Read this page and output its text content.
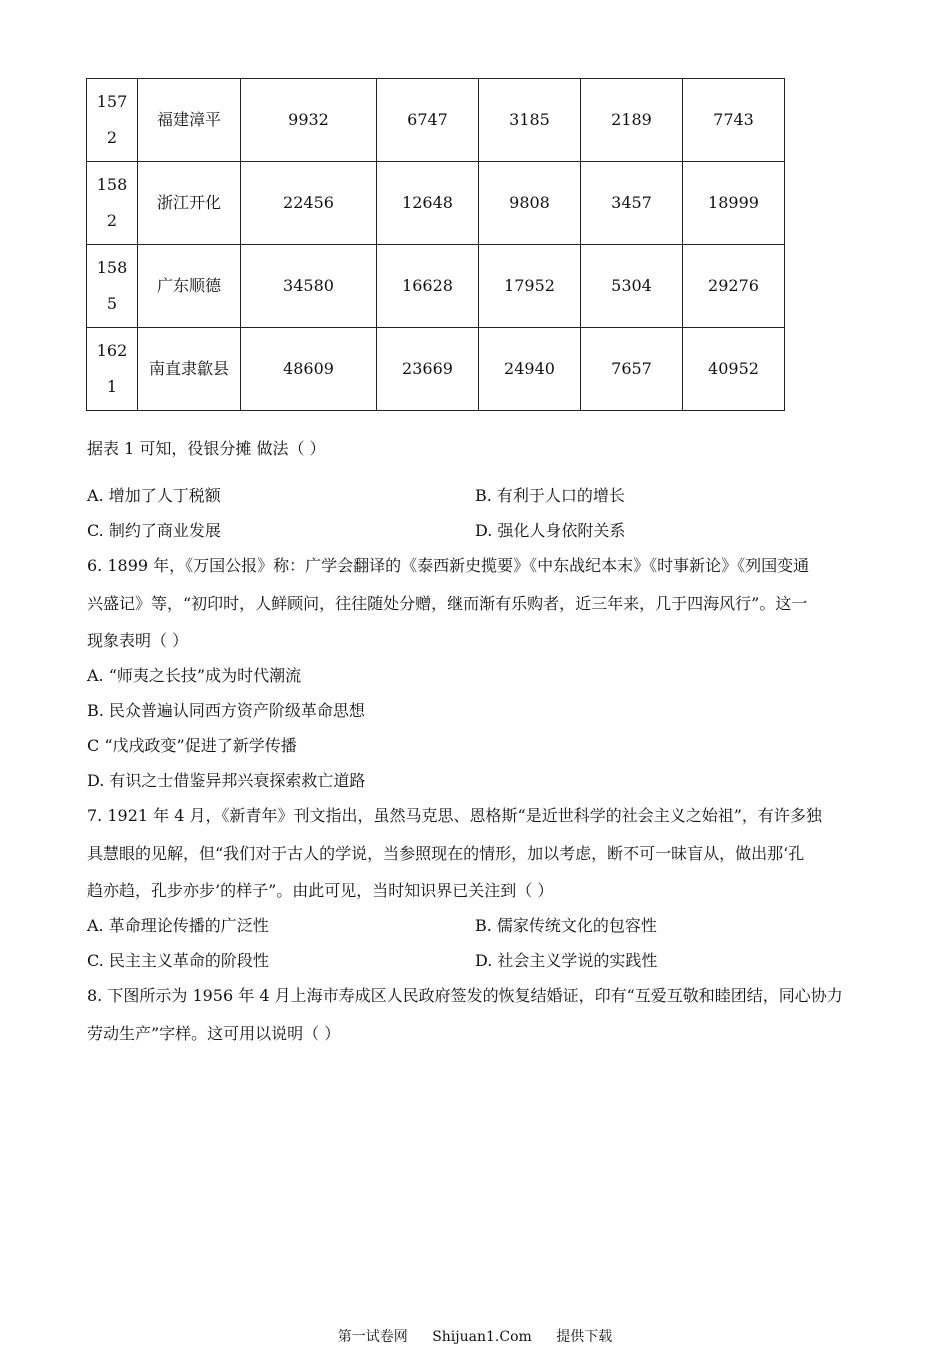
1572	福建漳平	9932	6747	3185	2189	7743
1582	浙江开化	22456	12648	9808	3457	18999
1585	广东顺德	34580	16628	17952	5304	29276
1621	南直隶歙县	48609	23669	24940	7657	40952
据表 1 可知，役银分摊 做法（ ）
A. 增加了人丁税额	B. 有利于人口的增长
C. 制约了商业发展	D. 强化人身依附关系
6. 1899 年，《万国公报》称：广学会翻译的《泰西新史揽要》《中东战纪本末》《时事新论》《列国变通
兴盛记》等，“初印时，人鲜顾问，往往随处分赠，继而渐有乐购者，近三年来，几于四海风行”。这一
现象表明（ ）
A. “师夷之长技”成为时代潮流
B. 民众普遍认同西方资产阶级革命思想
C “戊戌政变”促进了新学传播
D. 有识之士借鉴异邦兴衰探索救亡道路
7. 1921 年 4 月，《新青年》刊文指出，虽然马克思、恩格斯“是近世科学的社会主义之始祖”，有许多独
具慧眼的见解，但“我们对于古人的学说，当参照现在的情形，加以考虑，断不可一昧盲从，做出那‘孔
趋亦趋，孔步亦步’的样子”。由此可见，当时知识界已关注到（ ）
A. 革命理论传播的广泛性	B. 儒家传统文化的包容性
C. 民主主义革命的阶段性	D. 社会主义学说的实践性
8. 下图所示为 1956 年 4 月上海市寿成区人民政府签发的恢复结婚证，印有“互爱互敬和睦团结，同心协力
劳动生产”字样。这可用以说明（ ）
第一试卷网 Shijuan1.Com 提供下载
